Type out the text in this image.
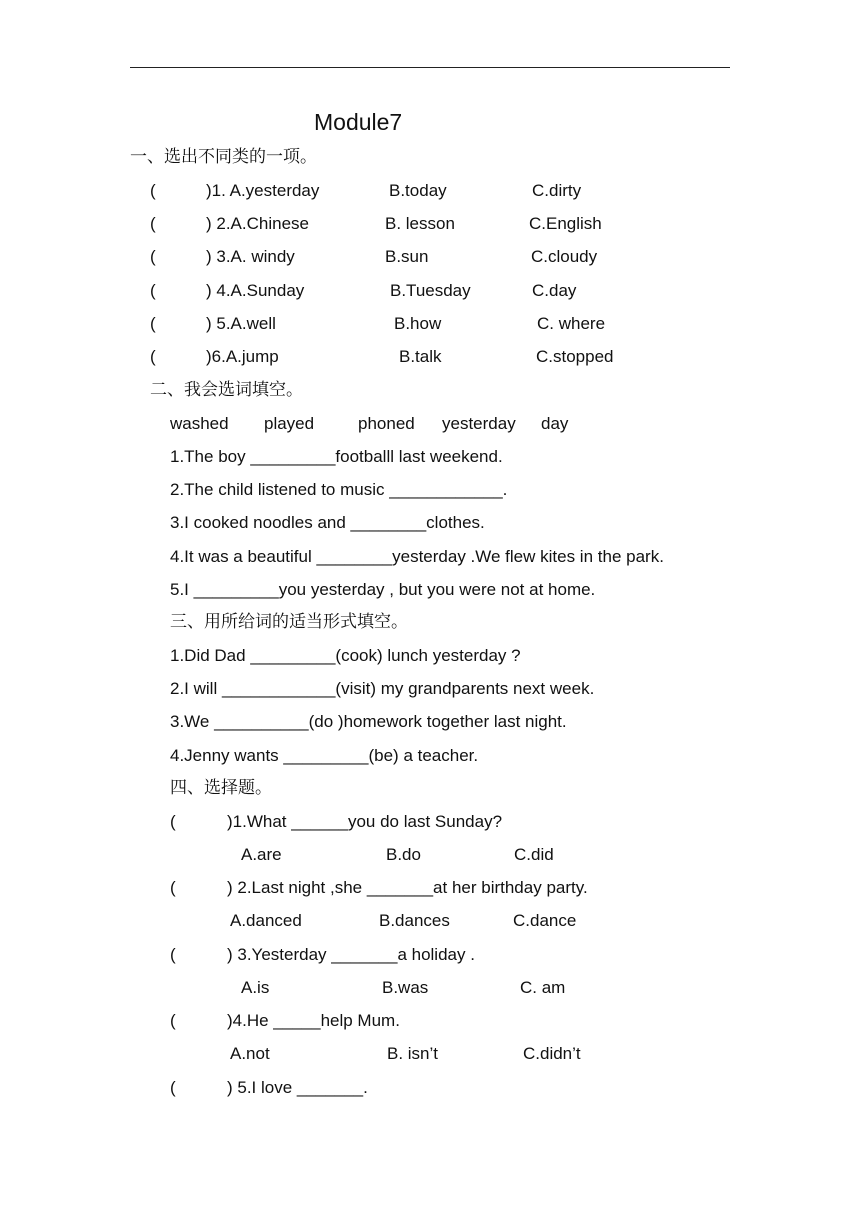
Module7
一、选出不同类的一项。
(	)1. A.yesterday	B.today	C.dirty
(	) 2.A.Chinese	B. lesson	C.English
(	) 3.A. windy	B.sun	C.cloudy
(	) 4.A.Sunday	B.Tuesday	C.day
(	) 5.A.well	B.how	C. where
(	)6.A.jump	B.talk	C.stopped
二、我会选词填空。
washed played	phoned yesterday day
1.The boy _________footballl last weekend.
2.The child listened to music ____________.
3.I cooked noodles and ________clothes.
4.It was a beautiful ________yesterday .We flew kites in the park.
5.I _________you yesterday , but you were not at home.
三、用所给词的适当形式填空。
1.Did Dad _________(cook) lunch yesterday ?
2.I will ____________(visit) my grandparents next week.
3.We __________(do )homework together last night.
4.Jenny wants _________(be) a teacher.
四、选择题。
(	)1.What ______you do last Sunday?
A.are	B.do	C.did
(	) 2.Last night ,she _______at her birthday party.
A.danced	B.dances	C.dance
(	) 3.Yesterday _______a holiday .
A.is	B.was	C. am
(	)4.He _____help Mum.
A.not	B. isn’t	C.didn’t
(	) 5.I love _______.
